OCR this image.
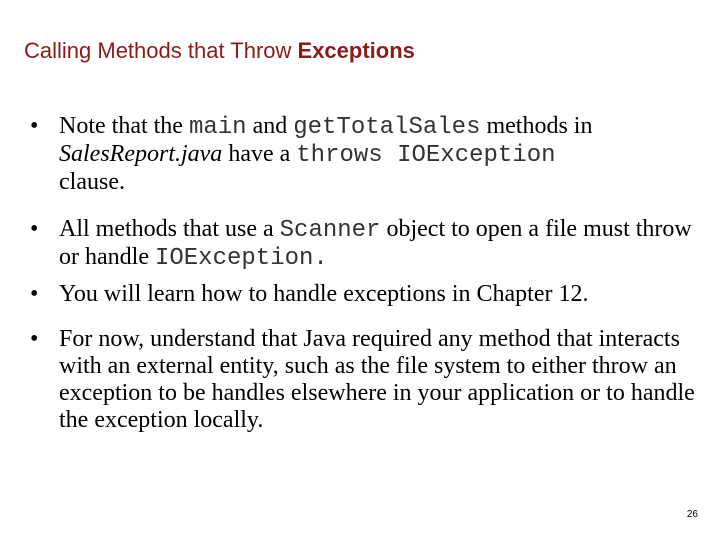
Calling Methods that Throw Exceptions
• Note that the main and getTotalSales methods in SalesReport.java have a throws IOException
clause.
• All methods that use a Scanner object to open a file must throw or handle IOException.
• You will learn how to handle exceptions in Chapter 12.
• For now, understand that Java required any method that interacts with an external entity, such as the file system to either throw an exception to be handles elsewhere in your application or to handle the exception locally.
26
